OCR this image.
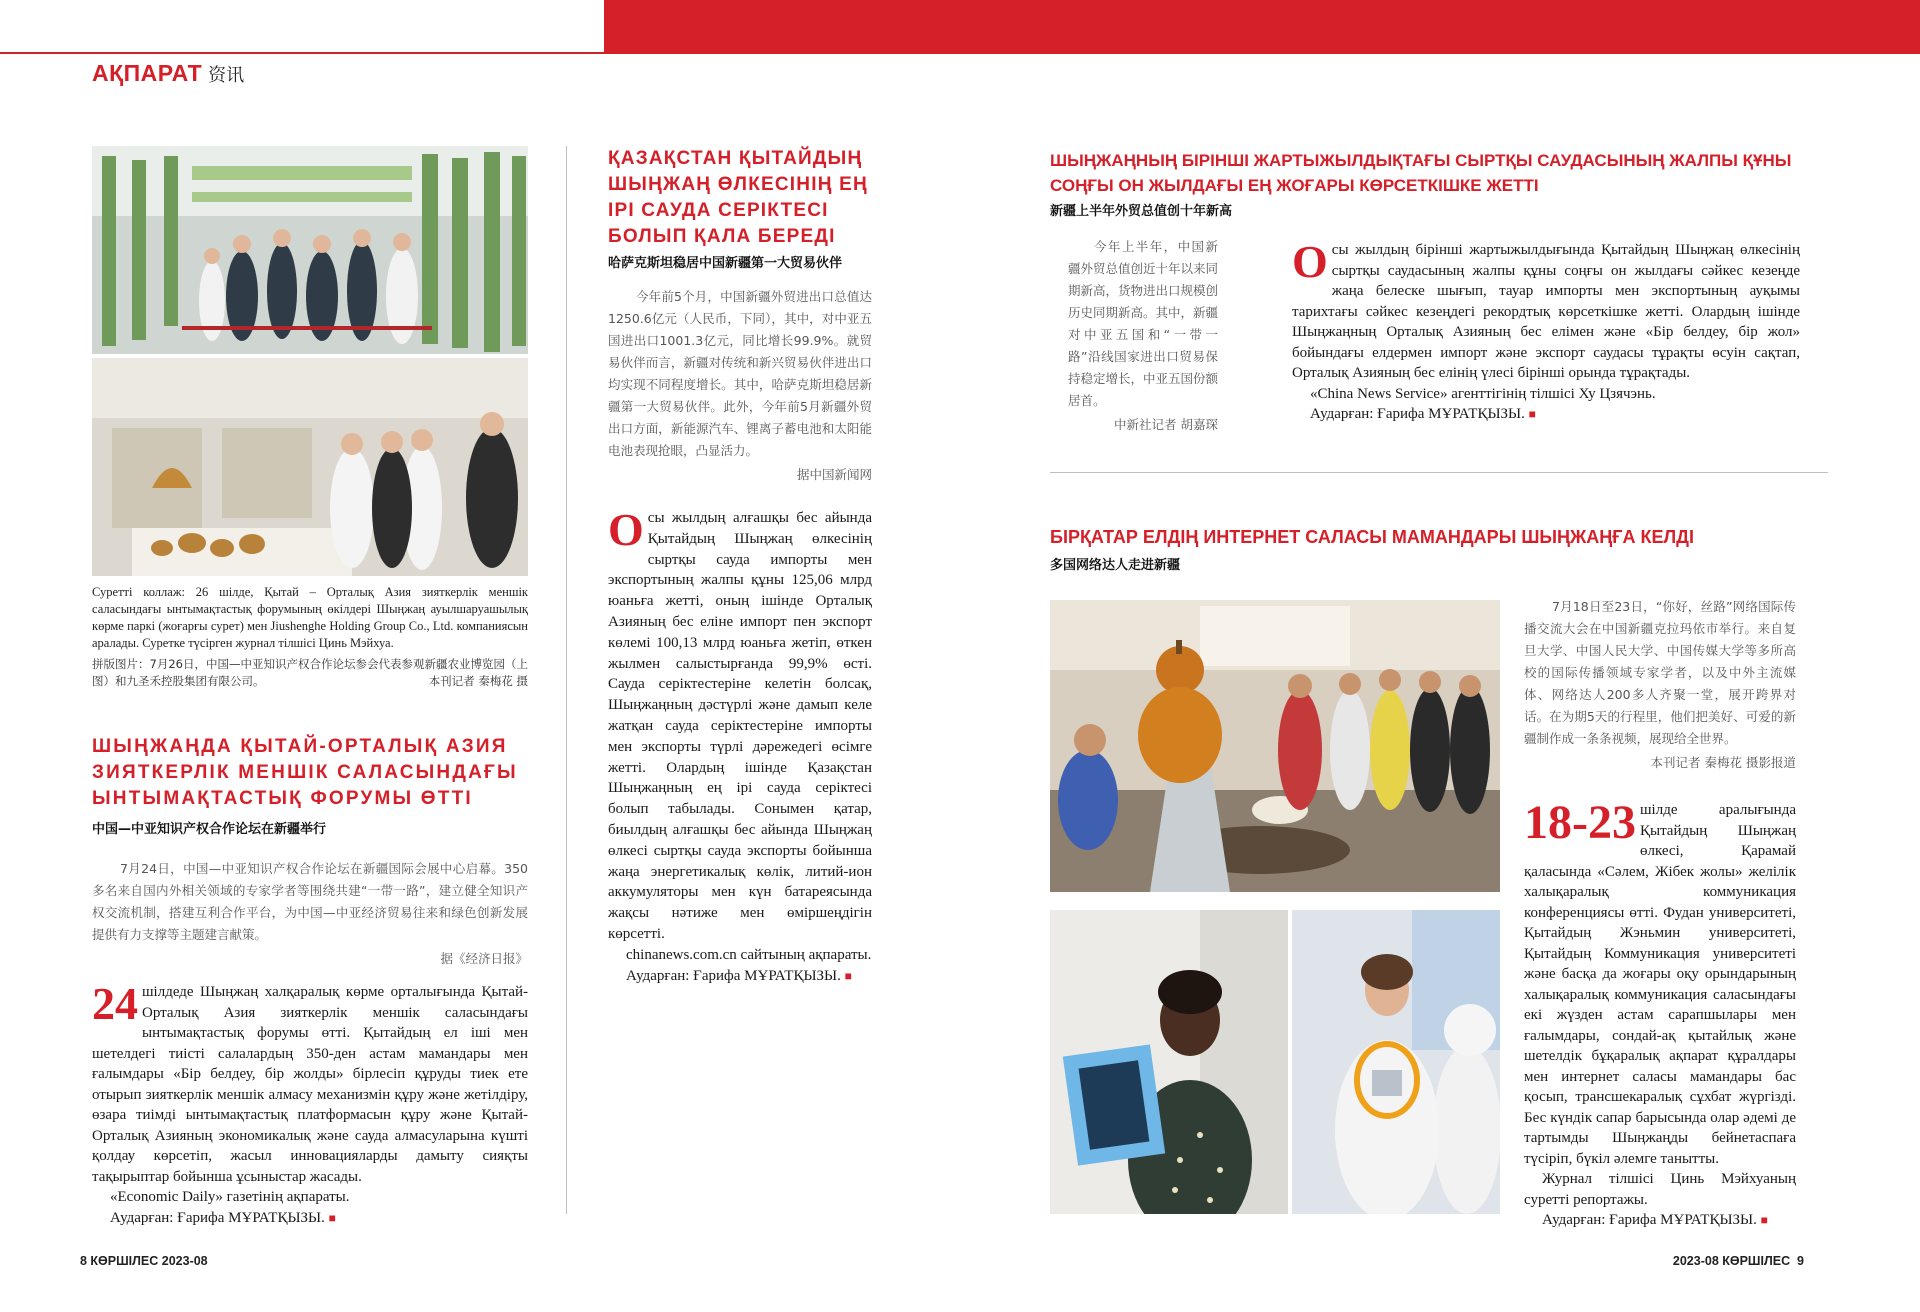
АҚПАРАТ 资讯
Суретті коллаж: 26 шілде, Қытай – Орталық Азия зияткерлік меншік саласындағы ынтымақтастық форумының өкілдері Шыңжаң ауылшаруашылық көрме паркі (жоғарғы сурет) мен Jiushenghe Holding Group Co., Ltd. компаниясын аралады. Суретке түсірген журнал тілшісі Цинь Мэйхуа.
拼版图片：7月26日，中国—中亚知识产权合作论坛参会代表参观新疆农业博览园（上图）和九圣禾控股集团有限公司。	本刊记者 秦梅花 摄
ШЫҢЖАҢДА ҚЫТАЙ-ОРТАЛЫҚ АЗИЯ ЗИЯТКЕРЛІК МЕНШІК САЛАСЫНДАҒЫ ЫНТЫМАҚТАСТЫҚ ФОРУМЫ ӨТТІ
中国—中亚知识产权合作论坛在新疆举行
7月24日，中国—中亚知识产权合作论坛在新疆国际会展中心启幕。350多名来自国内外相关领域的专家学者等围绕共建“一带一路”，建立健全知识产权交流机制，搭建互利合作平台，为中国—中亚经济贸易往来和绿色创新发展提供有力支撑等主题建言献策。
据《经济日报》

24 шілдеде Шыңжаң халқаралық көрме орталығында Қытай-Орталық Азия зияткерлік меншік саласындағы ынтымақтастық форумы өтті. Қытайдың ел іші мен шетелдегі тиісті салалардың 350-ден астам мамандары мен ғалымдары «Бір белдеу, бір жолды» бірлесіп құруды тиек ете отырып зияткерлік меншік алмасу механизмін құру және жетілдіру, өзара тиімді ынтымақтастық платформасын құру және Қытай-Орталық Азияның экономикалық және сауда алмасуларына күшті қолдау көрсетіп, жасыл инновацияларды дамыту сияқты тақырыптар бойынша ұсыныстар жасады.

«Economic Daily» газетінің ақпараты.

Аударған: Ғарифа МҰРАТҚЫЗЫ. ■

ҚАЗАҚСТАН ҚЫТАЙДЫҢ ШЫҢЖАҢ ӨЛКЕСІНІҢ ЕҢ ІРІ САУДА СЕРІКТЕСІ БОЛЫП ҚАЛА БЕРЕДІ
哈萨克斯坦稳居中国新疆第一大贸易伙伴
今年前5个月，中国新疆外贸进出口总值达1250.6亿元（人民币，下同），其中，对中亚五国进出口1001.3亿元，同比增长99.9%。就贸易伙伴而言，新疆对传统和新兴贸易伙伴进出口均实现不同程度增长。其中，哈萨克斯坦稳居新疆第一大贸易伙伴。此外，今年前5月新疆外贸出口方面，新能源汽车、锂离子蓄电池和太阳能电池表现抢眼，凸显活力。
据中国新闻网

Осы жылдың алғашқы бес айында Қытайдың Шыңжаң өлкесінің сыртқы сауда импорты мен экспортының жалпы құны 125,06 млрд юаньға жетті, оның ішінде Орталық Азияның бес еліне импорт пен экспорт көлемі 100,13 млрд юаньға жетіп, өткен жылмен салыстырғанда 99,9% өсті. Сауда серіктестеріне келетін болсақ, Шыңжаңның дәстүрлі және дамып келе жатқан сауда серіктестеріне импорты мен экспорты түрлі дәрежедегі өсімге жетті. Олардың ішінде Қазақстан Шыңжаңның ең ірі сауда серіктесі болып табылады. Сонымен қатар, биылдың алғашқы бес айында Шыңжаң өлкесі сыртқы сауда экспорты бойынша жаңа энергетикалық көлік, литий-ион аккумуляторы мен күн батареясында жақсы нәтиже мен өміршеңдігін көрсетті.

chinanews.com.cn сайтының ақпараты.

Аударған: Ғарифа МҰРАТҚЫЗЫ. ■

ШЫҢЖАҢНЫҢ БІРІНШІ ЖАРТЫЖЫЛДЫҚТАҒЫ СЫРТҚЫ САУДАСЫНЫҢ ЖАЛПЫ ҚҰНЫ СОҢҒЫ ОН ЖЫЛДАҒЫ ЕҢ ЖОҒАРЫ КӨРСЕТКІШКЕ ЖЕТТІ
新疆上半年外贸总值创十年新高
今年上半年，中国新疆外贸总值创近十年以来同期新高，货物进出口规模创历史同期新高。其中，新疆对中亚五国和“一带一路”沿线国家进出口贸易保持稳定增长，中亚五国份额居首。
中新社记者 胡嘉琛

Осы жылдың бірінші жартыжылдығында Қытайдың Шыңжаң өлкесінің сыртқы саудасының жалпы құны соңғы он жылдағы сәйкес кезеңде жаңа белеске шығып, тауар импорты мен экспортының ауқымы тарихтағы сәйкес кезеңдегі рекордтық көрсеткішке жетті. Олардың ішінде Шыңжаңның Орталық Азияның бес елімен және «Бір белдеу, бір жол» бойындағы елдермен импорт және экспорт саудасы тұрақты өсуін сақтап, Орталық Азияның бес елінің үлесі бірінші орында тұрақтады.

«China News Service» агенттігінің тілшісі Ху Цзячэнь.

Аударған: Ғарифа МҰРАТҚЫЗЫ. ■

БІРҚАТАР ЕЛДІҢ ИНТЕРНЕТ САЛАСЫ МАМАНДАРЫ ШЫҢЖАҢҒА КЕЛДІ
多国网络达人走进新疆
7月18日至23日，“你好，丝路”网络国际传播交流大会在中国新疆克拉玛依市举行。来自复旦大学、中国人民大学、中国传媒大学等多所高校的国际传播领域专家学者，以及中外主流媒体、网络达人200多人齐聚一堂，展开跨界对话。在为期5天的行程里，他们把美好、可爱的新疆制作成一条条视频，展现给全世界。
本刊记者 秦梅花 摄影报道

18-23 шілде аралығында Қытайдың Шыңжаң өлкесі, Қарамай қаласында «Сәлем, Жібек жолы» желілік халықаралық коммуникация конференциясы өтті. Фудан университеті, Қытайдың Жэньмин университеті, Қытайдың Коммуникация университеті және басқа да жоғары оқу орындарының халықаралық коммуникация саласындағы екі жүзден астам сарапшылары мен ғалымдары, сондай-ақ қытайлық және шетелдік бұқаралық ақпарат құралдары мен интернет саласы мамандары бас қосып, трансшекаралық сұхбат жүргізді. Бес күндік сапар барысында олар әдемі де тартымды Шыңжаңды бейнетаспаға түсіріп, бүкіл әлемге танытты.

Журнал тілшісі Цинь Мэйхуаның суретті репортажы.

Аударған: Ғарифа МҰРАТҚЫЗЫ. ■

8 КӨРШІЛЕС 2023-08	2023-08 КӨРШІЛЕС  9
